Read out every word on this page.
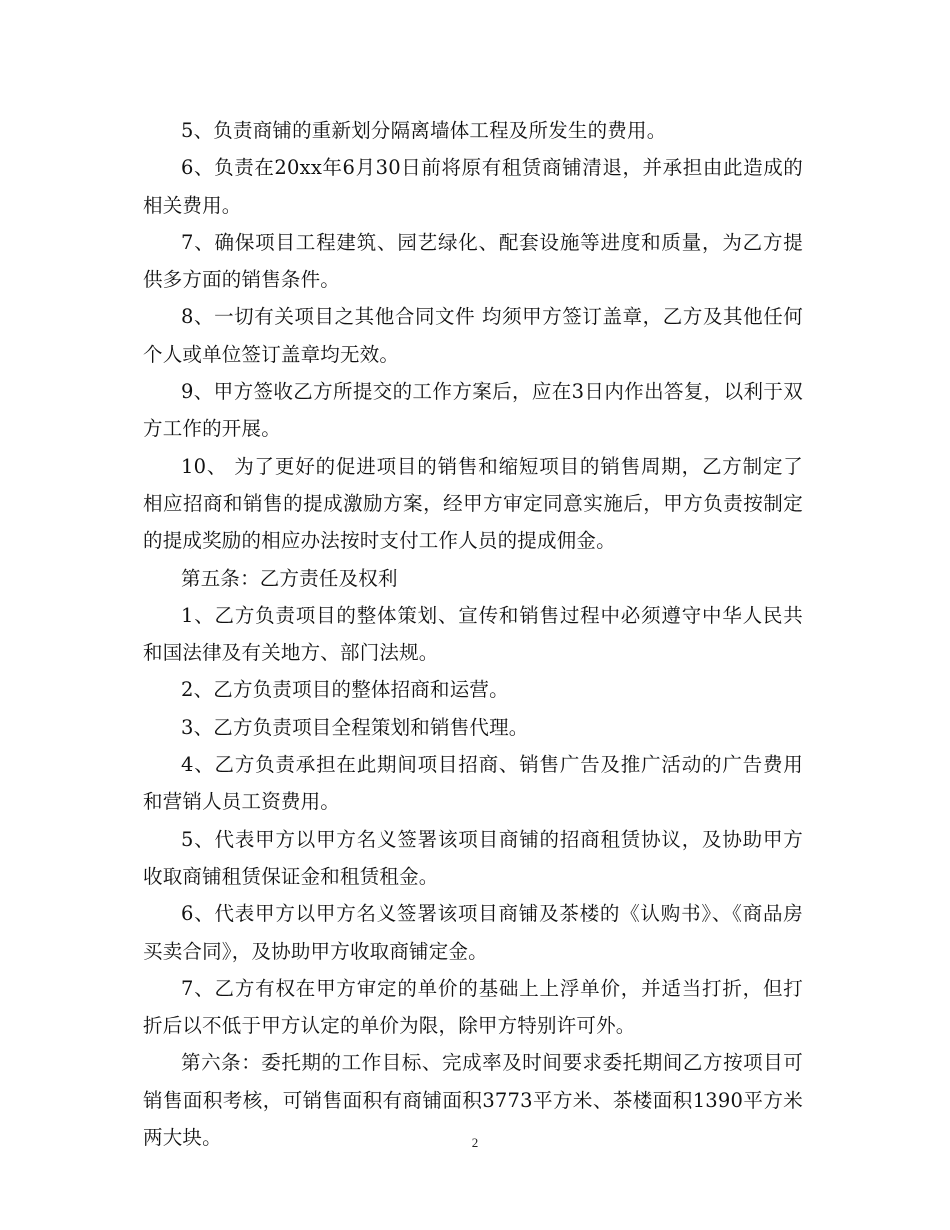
5、负责商铺的重新划分隔离墙体工程及所发生的费用。

6、负责在20xx年6月30日前将原有租赁商铺清退，并承担由此造成的相关费用。

7、确保项目工程建筑、园艺绿化、配套设施等进度和质量，为乙方提供多方面的销售条件。

8、一切有关项目之其他合同文件 均须甲方签订盖章，乙方及其他任何个人或单位签订盖章均无效。

9、甲方签收乙方所提交的工作方案后，应在3日内作出答复，以利于双方工作的开展。

10、 为了更好的促进项目的销售和缩短项目的销售周期，乙方制定了相应招商和销售的提成激励方案，经甲方审定同意实施后，甲方负责按制定的提成奖励的相应办法按时支付工作人员的提成佣金。

第五条：乙方责任及权利

1、乙方负责项目的整体策划、宣传和销售过程中必须遵守中华人民共和国法律及有关地方、部门法规。

2、乙方负责项目的整体招商和运营。

3、乙方负责项目全程策划和销售代理。

4、乙方负责承担在此期间项目招商、销售广告及推广活动的广告费用和营销人员工资费用。

5、代表甲方以甲方名义签署该项目商铺的招商租赁协议，及协助甲方收取商铺租赁保证金和租赁租金。

6、代表甲方以甲方名义签署该项目商铺及茶楼的《认购书》、《商品房买卖合同》，及协助甲方收取商铺定金。

7、乙方有权在甲方审定的单价的基础上上浮单价，并适当打折，但打折后以不低于甲方认定的单价为限，除甲方特别许可外。

第六条：委托期的工作目标、完成率及时间要求委托期间乙方按项目可销售面积考核，可销售面积有商铺面积3773平方米、茶楼面积1390平方米两大块。	2
